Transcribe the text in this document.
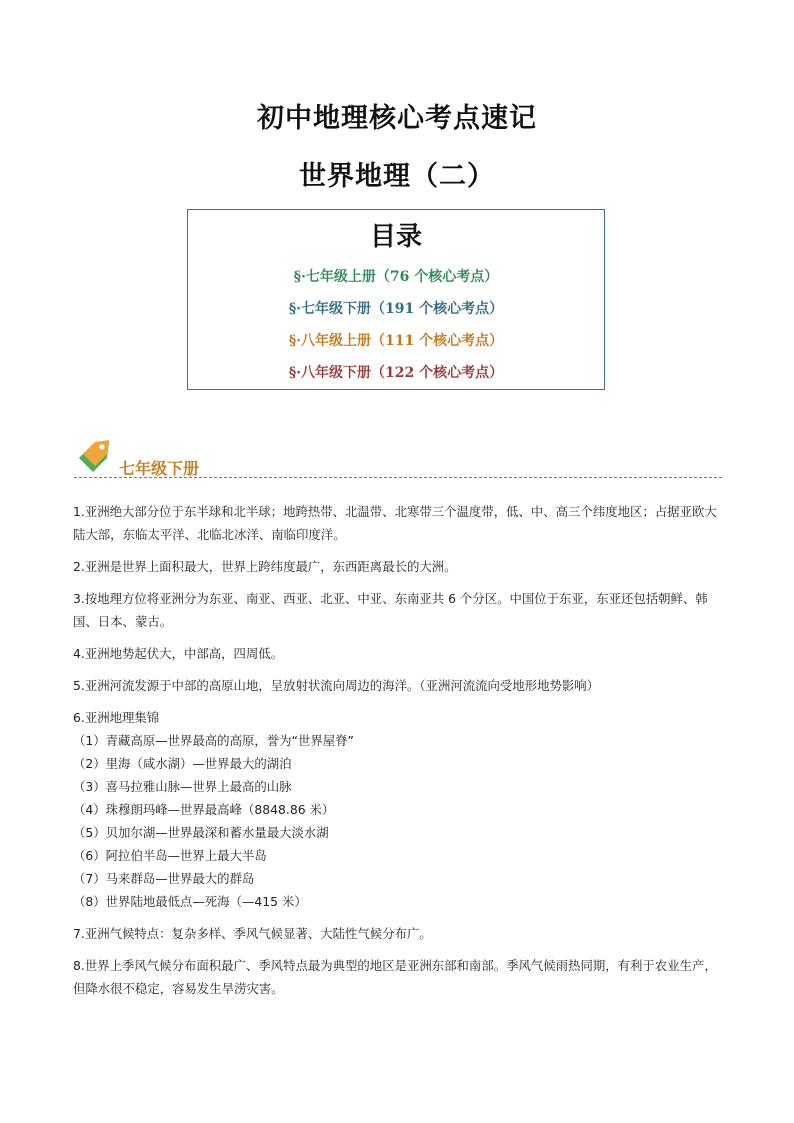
初中地理核心考点速记
世界地理（二）
目录
§·七年级上册（76 个核心考点）
§·七年级下册（191 个核心考点）
§·八年级上册（111 个核心考点）
§·八年级下册（122 个核心考点）
七年级下册

1.亚洲绝大部分位于东半球和北半球；地跨热带、北温带、北寒带三个温度带，低、中、高三个纬度地区；占据亚欧大陆大部，东临太平洋、北临北冰洋、南临印度洋。

2.亚洲是世界上面积最大，世界上跨纬度最广，东西距离最长的大洲。

3.按地理方位将亚洲分为东亚、南亚、西亚、北亚、中亚、东南亚共 6 个分区。中国位于东亚，东亚还包括朝鲜、韩国、日本、蒙古。

4.亚洲地势起伏大，中部高，四周低。

5.亚洲河流发源于中部的高原山地，呈放射状流向周边的海洋。（亚洲河流流向受地形地势影响）

6.亚洲地理集锦
（1）青藏高原—世界最高的高原，誉为“世界屋脊”
（2）里海（咸水湖）—世界最大的湖泊
（3）喜马拉雅山脉—世界上最高的山脉
（4）珠穆朗玛峰—世界最高峰（8848.86 米）
（5）贝加尔湖—世界最深和蓄水量最大淡水湖
（6）阿拉伯半岛—世界上最大半岛
（7）马来群岛—世界最大的群岛
（8）世界陆地最低点—死海（—415 米）

7.亚洲气候特点：复杂多样、季风气候显著、大陆性气候分布广。

8.世界上季风气候分布面积最广、季风特点最为典型的地区是亚洲东部和南部。季风气候雨热同期，有利于农业生产，但降水很不稳定，容易发生旱涝灾害。
